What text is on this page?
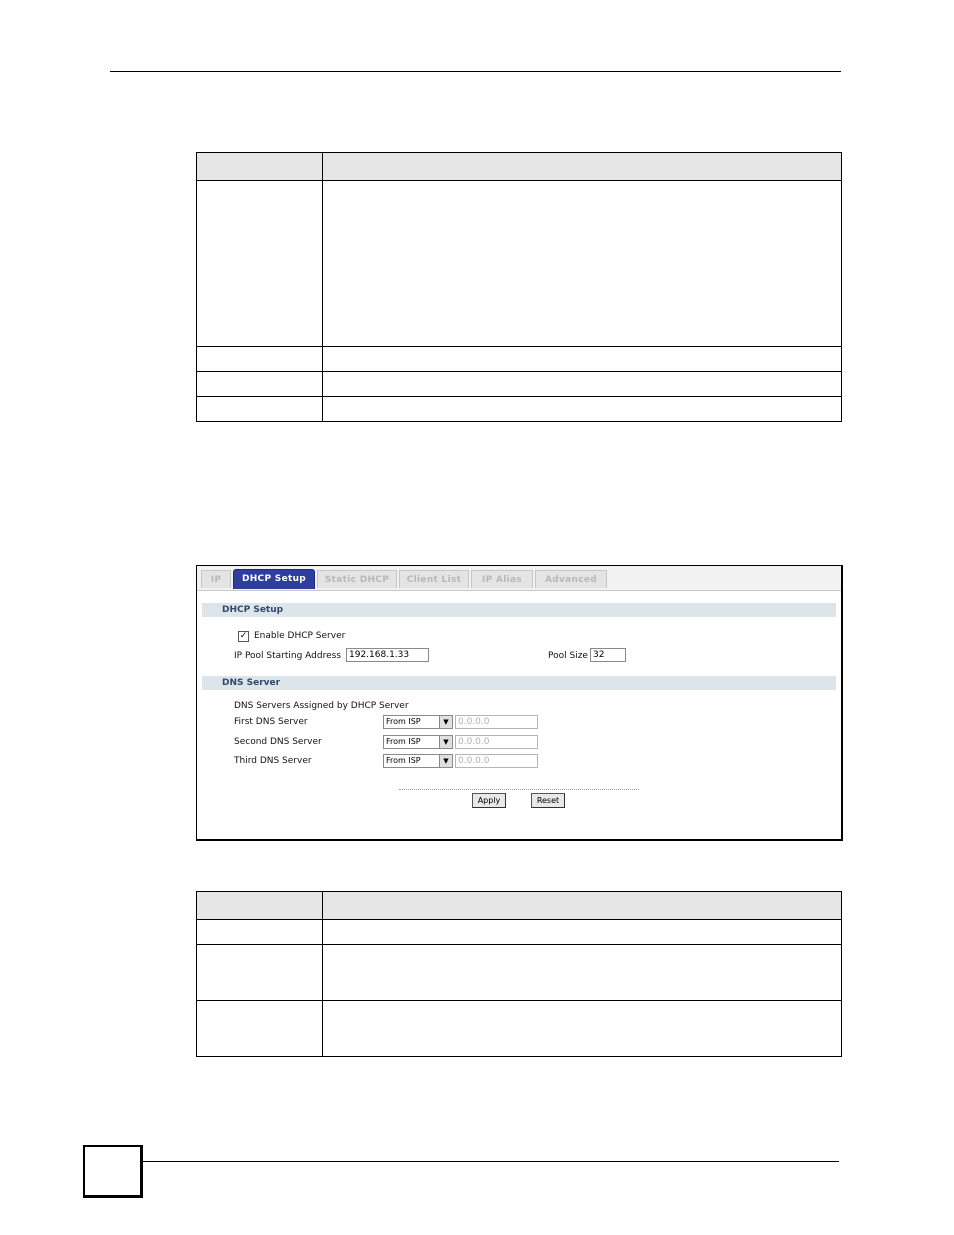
IP	DHCP Setup	Static DHCP	Client List	IP Alias	Advanced
DHCP Setup
✓ Enable DHCP Server
IP Pool Starting Address 192.168.1.33	Pool Size 32
DNS Server
DNS Servers Assigned by DHCP Server
First DNS Server	From ISP	▼	0.0.0.0
Second DNS Server	From ISP	▼	0.0.0.0
Third DNS Server	From ISP	▼	0.0.0.0
Apply	Reset
